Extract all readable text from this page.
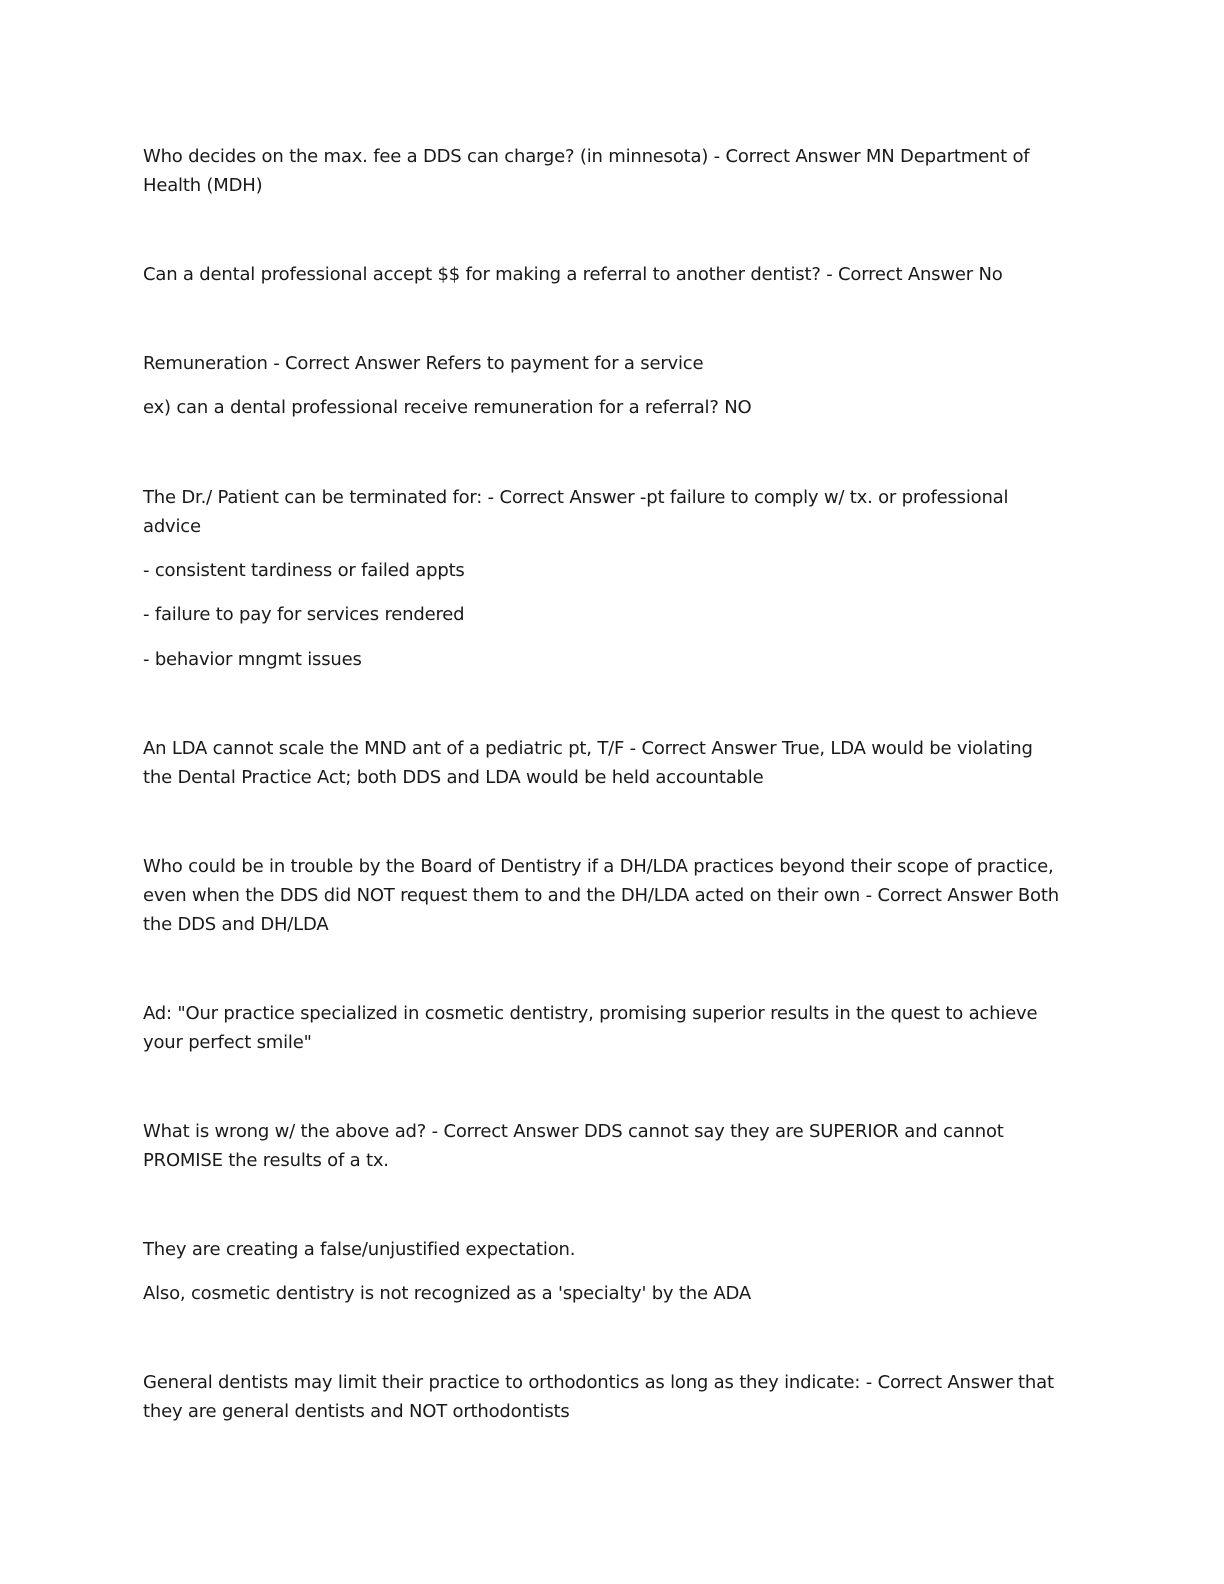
Who decides on the max. fee a DDS can charge? (in minnesota) - Correct Answer MN Department of

Health (MDH)

Can a dental professional accept $$ for making a referral to another dentist? - Correct Answer No

Remuneration - Correct Answer Refers to payment for a service

ex) can a dental professional receive remuneration for a referral? NO

The Dr./ Patient can be terminated for: - Correct Answer -pt failure to comply w/ tx. or professional

advice

- consistent tardiness or failed appts

- failure to pay for services rendered

- behavior mngmt issues

An LDA cannot scale the MND ant of a pediatric pt, T/F - Correct Answer True, LDA would be violating

the Dental Practice Act; both DDS and LDA would be held accountable

Who could be in trouble by the Board of Dentistry if a DH/LDA practices beyond their scope of practice,

even when the DDS did NOT request them to and the DH/LDA acted on their own - Correct Answer Both

the DDS and DH/LDA

Ad: "Our practice specialized in cosmetic dentistry, promising superior results in the quest to achieve

your perfect smile"

What is wrong w/ the above ad? - Correct Answer DDS cannot say they are SUPERIOR and cannot

PROMISE the results of a tx.

They are creating a false/unjustified expectation.

Also, cosmetic dentistry is not recognized as a 'specialty' by the ADA

General dentists may limit their practice to orthodontics as long as they indicate: - Correct Answer that

they are general dentists and NOT orthodontists
